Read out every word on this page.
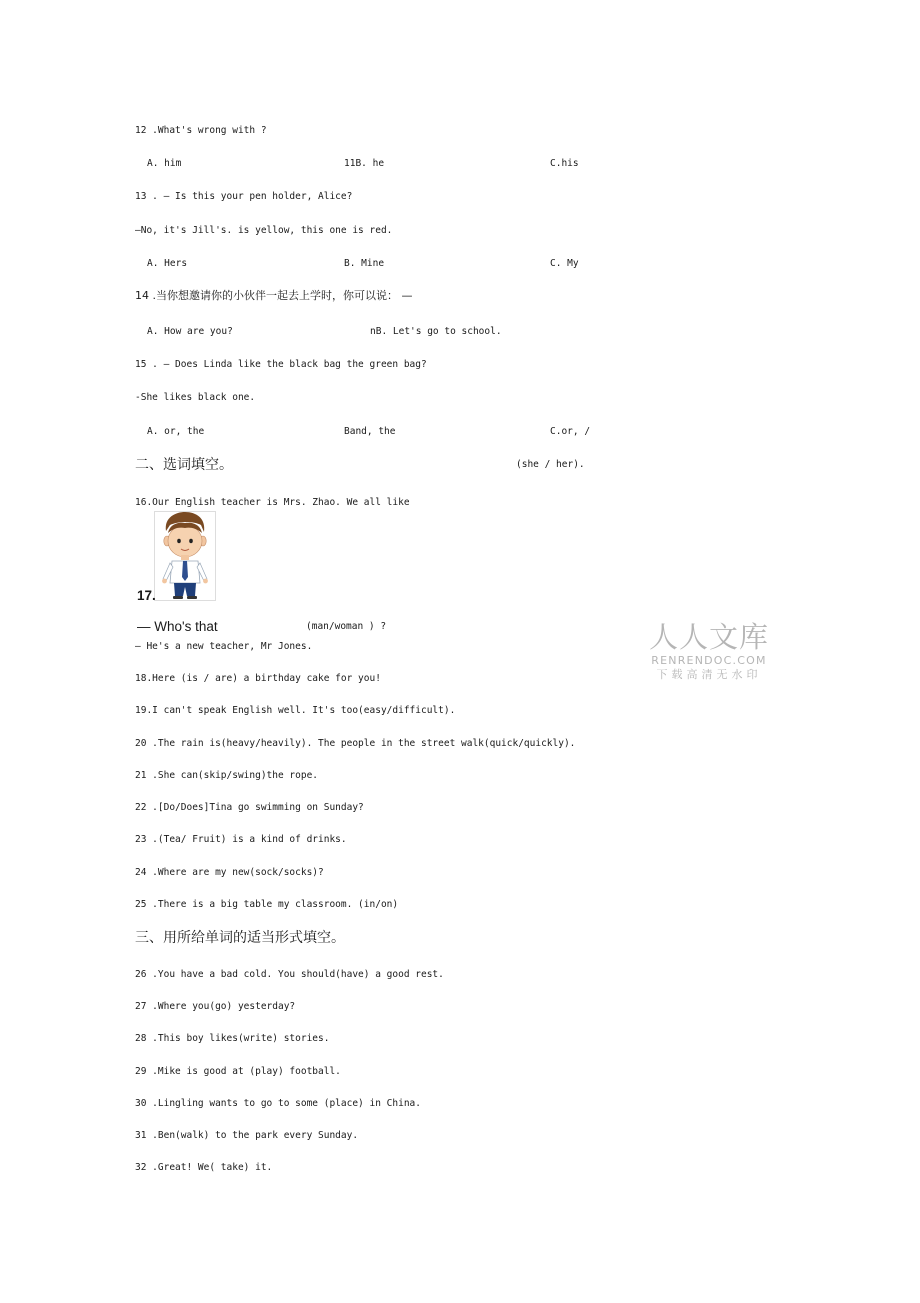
12 .What's wrong with ?
A. him	11B. he	C.his
13 . — Is this your pen holder, Alice?
—No, it's Jill's. is yellow, this one is red.
A. Hers	B. Mine	C. My
14 .当你想邀请你的小伙伴一起去上学时，你可以说： —
A. How are you?	nB. Let's go to school.
15 . — Does Linda like the black bag the green bag?
-She likes black one.
A. or, the	Band, the	C.or, /
二、选词填空。	(she / her).
16.Our English teacher is Mrs. Zhao. We all like
17.
— Who's that	(man/woman ) ?
— He's a new teacher, Mr Jones.
18.Here (is / are) a birthday cake for you!
19.I can't speak English well. It's too(easy/difficult).
20 .The rain is(heavy/heavily). The people in the street walk(quick/quickly).
21 .She can(skip/swing)the rope.
22 .[Do/Does]Tina go swimming on Sunday?
23 .(Tea/ Fruit) is a kind of drinks.
24 .Where are my new(sock/socks)?
25 .There is a big table my classroom. (in/on)
三、用所给单词的适当形式填空。
26 .You have a bad cold. You should(have) a good rest.
27 .Where you(go) yesterday?
28 .This boy likes(write) stories.
29 .Mike is good at (play) football.
30 .Lingling wants to go to some (place) in China.
31 .Ben(walk) to the park every Sunday.
32 .Great! We( take) it.
人人文库
RENRENDOC.COM
下载高清无水印
